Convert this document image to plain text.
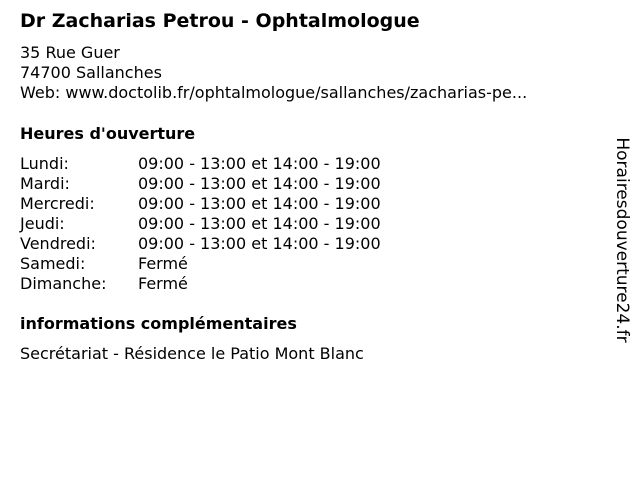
Dr Zacharias Petrou - Ophtalmologue
35 Rue Guer
74700 Sallanches
Web: www.doctolib.fr/ophtalmologue/sallanches/zacharias-pe...
Heures d'ouverture
Lundi:	09:00 - 13:00 et 14:00 - 19:00
Mardi:	09:00 - 13:00 et 14:00 - 19:00
Mercredi:	09:00 - 13:00 et 14:00 - 19:00
Jeudi:	09:00 - 13:00 et 14:00 - 19:00
Vendredi:	09:00 - 13:00 et 14:00 - 19:00
Samedi:	Fermé
Dimanche:	Fermé
informations complémentaires
Secrétariat - Résidence le Patio Mont Blanc
Horairesdouverture24.fr
